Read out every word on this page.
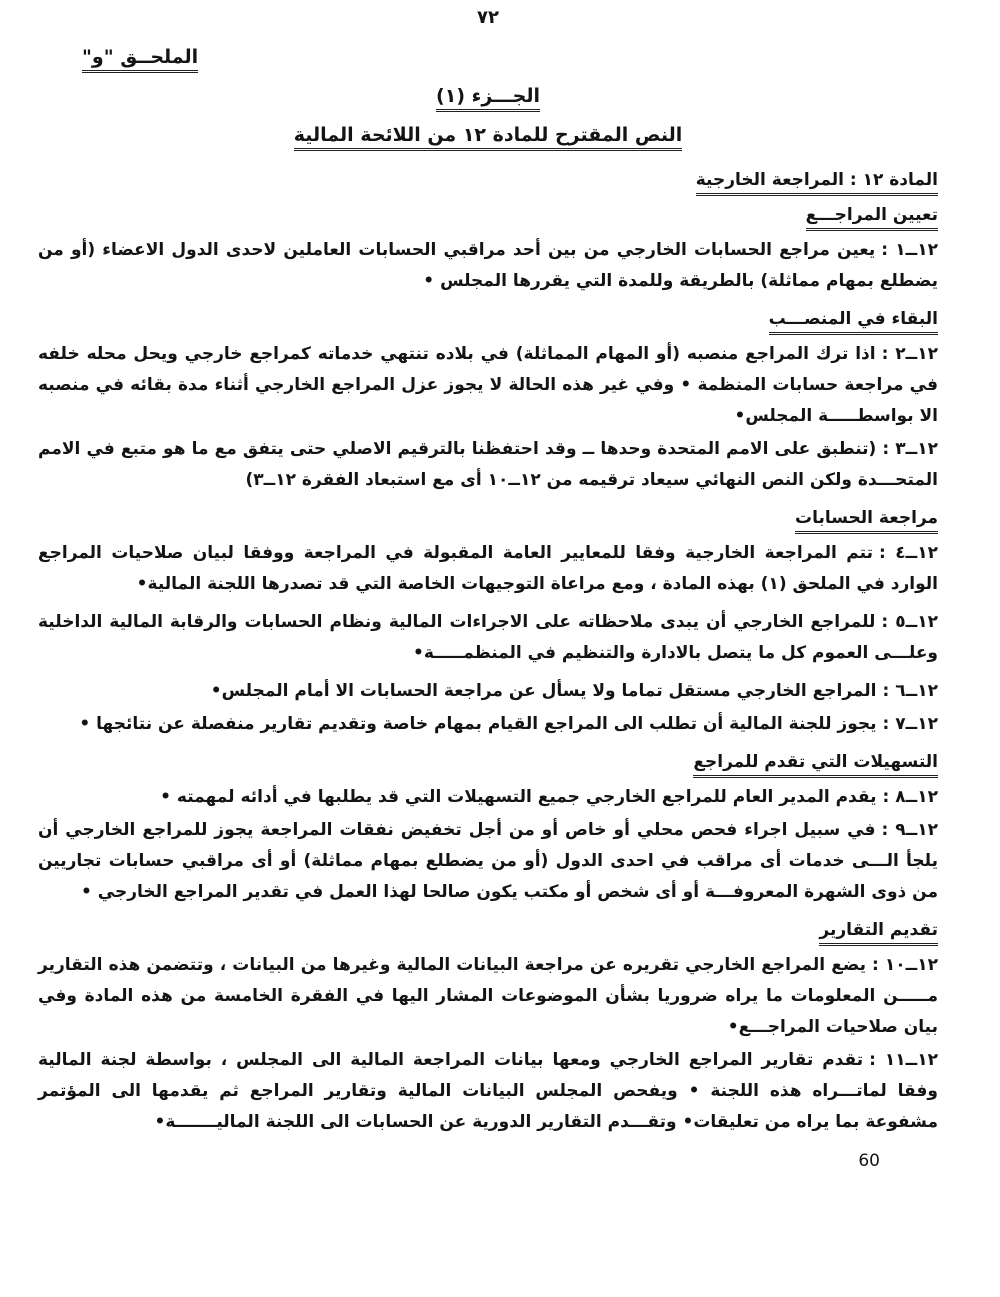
٧٢
الملحــق "و"
الجـــزء (١)
النص المقترح للمادة ١٢ من اللائحة المالية
المادة ١٢ : المراجعة الخارجية
تعيين المراجـــع

١٢ــ١ :يعين مراجع الحسابات الخارجي من بين أحد مراقبي الحسابات العاملين لاحدى الدول الاعضاء (أو من يضطلع بمهام مماثلة) بالطريقة وللمدة التي يقررها المجلس •

البقاء في المنصـــب

١٢ــ٢ :اذا ترك المراجع منصبه (أو المهام المماثلة) في بلاده تنتهي خدماته كمراجع خارجي ويحل محله خلفه في مراجعة حسابات المنظمة • وفي غير هذه الحالة لا يجوز عزل المراجع الخارجي أثناء مدة بقائه في منصبه الا بواسطـــــة المجلس•

١٢ــ٣ :(تنطبق على الامم المتحدة وحدها ــ وقد احتفظنا بالترقيم الاصلي حتى يتفق مع ما هو متبع في الامم المتحـــدة ولكن النص النهائي سيعاد ترقيمه من ١٢ــ١٠ أى مع استبعاد الفقرة ١٢ــ٣)

مراجعة الحسابات

١٢ــ٤ :تتم المراجعة الخارجية وفقا للمعايير العامة المقبولة في المراجعة ووفقا لبيان صلاحيات المراجع الوارد في الملحق (١) بهذه المادة ، ومع مراعاة التوجيهات الخاصة التي قد تصدرها اللجنة المالية•

١٢ــ٥ :للمراجع الخارجي أن يبدى ملاحظاته على الاجراءات المالية ونظام الحسابات والرقابة المالية الداخلية وعلـــى العموم كل ما يتصل بالادارة والتنظيم في المنظمـــــة•

١٢ــ٦ :المراجع الخارجي مستقل تماما ولا يسأل عن مراجعة الحسابات الا أمام المجلس•

١٢ــ٧ :يجوز للجنة المالية أن تطلب الى المراجع القيام بمهام خاصة وتقديم تقارير منفصلة عن نتائجها •

التسهيلات التي تقدم للمراجع

١٢ــ٨ :يقدم المدير العام للمراجع الخارجي جميع التسهيلات التي قد يطلبها في أدائه لمهمته •

١٢ــ٩ :في سبيل اجراء فحص محلي أو خاص أو من أجل تخفيض نفقات المراجعة يجوز للمراجع الخارجي أن يلجأ الـــى خدمات أى مراقب في احدى الدول (أو من يضطلع بمهام مماثلة) أو أى مراقبي حسابات تجاريين من ذوى الشهرة المعروفـــة أو أى شخص أو مكتب يكون صالحا لهذا العمل في تقدير المراجع الخارجي •

تقديم التقارير

١٢ــ١٠ :يضع المراجع الخارجي تقريره عن مراجعة البيانات المالية وغيرها من البيانات ، وتتضمن هذه التقارير مـــــن المعلومات ما يراه ضروريا بشأن الموضوعات المشار اليها في الفقرة الخامسة من هذه المادة وفي بيان صلاحيات المراجـــع•

١٢ــ١١ :تقدم تقارير المراجع الخارجي ومعها بيانات المراجعة المالية الى المجلس ، بواسطة لجنة المالية وفقا لماتـــراه هذه اللجنة • ويفحص المجلس البيانات المالية وتقارير المراجع ثم يقدمها الى المؤتمر مشفوعة بما يراه من تعليقات• وتقـــدم التقارير الدورية عن الحسابات الى اللجنة الماليـــــــة•

60
